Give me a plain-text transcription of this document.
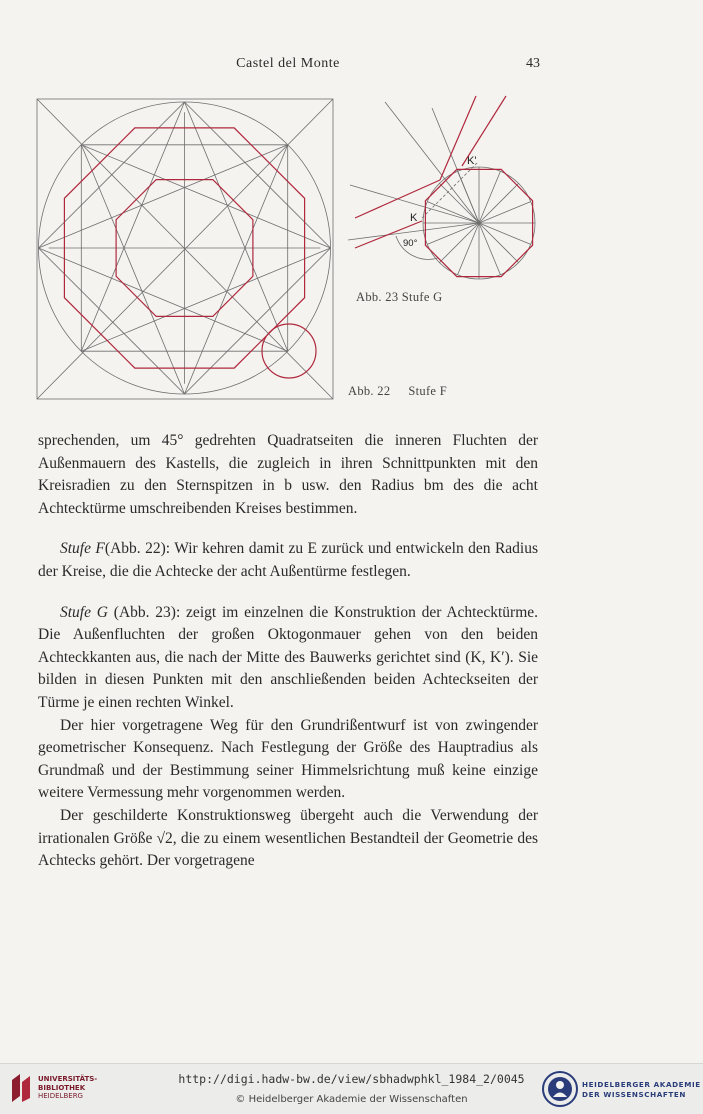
Castel del Monte	43
Abb. 22 Stufe F
K'
K
90°
Abb. 23 Stufe G

sprechenden, um 45° gedrehten Quadratseiten die inneren Fluchten der Außenmauern des Kastells, die zugleich in ihren Schnittpunkten mit den Kreisradien zu den Sternspitzen in b usw. den Radius bm des die acht Achtecktürme umschreibenden Kreises bestimmen.

Stufe F(Abb. 22): Wir kehren damit zu E zurück und entwickeln den Radius der Kreise, die die Achtecke der acht Außentürme festlegen.

Stufe G (Abb. 23): zeigt im einzelnen die Konstruktion der Achtecktürme. Die Außenfluchten der großen Oktogonmauer gehen von den beiden Achteckkanten aus, die nach der Mitte des Bauwerks gerichtet sind (K, K′). Sie bilden in diesen Punkten mit den anschließenden beiden Achteckseiten der Türme je einen rechten Winkel.

Der hier vorgetragene Weg für den Grundrißentwurf ist von zwingender geometrischer Konsequenz. Nach Festlegung der Größe des Hauptradius als Grundmaß und der Bestimmung seiner Himmelsrichtung muß keine einzige weitere Vermessung mehr vorgenommen werden.

Der geschilderte Konstruktionsweg übergeht auch die Verwendung der irrationalen Größe √2, die zu einem wesentlichen Bestandteil der Geometrie des Achtecks gehört. Der vorgetragene

UNIVERSITÄTS-
BIBLIOTHEK
HEIDELBERG
http://digi.hadw-bw.de/view/sbhadwphkl_1984_2/0045
© Heidelberger Akademie der Wissenschaften
HEIDELBERGER AKADEMIE
DER WISSENSCHAFTEN
